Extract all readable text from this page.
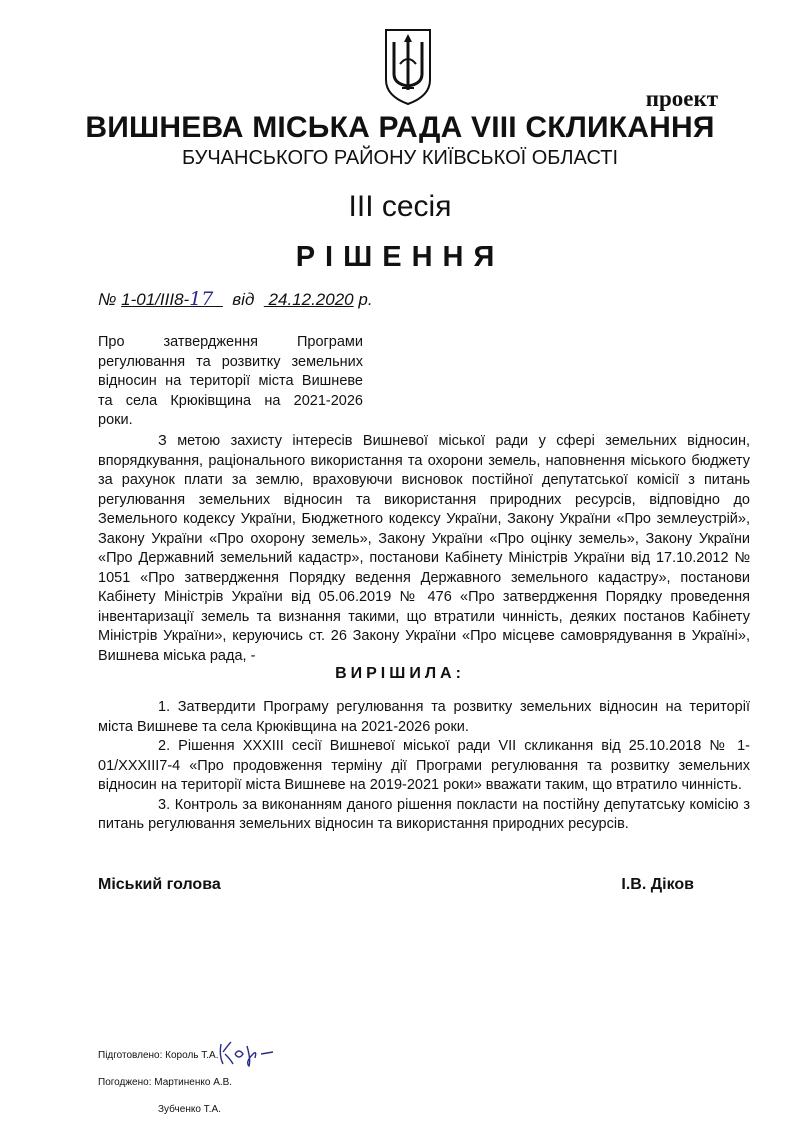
проект
ВИШНЕВА МІСЬКА РАДА VIII СКЛИКАННЯ
БУЧАНСЬКОГО РАЙОНУ КИЇВСЬКОЇ ОБЛАСТІ
ІІІ сесія
РІШЕННЯ
№ 1-01/ІІІ8-17 від 24.12.2020 р.
Про затвердження Програми регулювання та розвитку земельних відносин на території міста Вишневе та села Крюківщина на 2021-2026 роки.

З метою захисту інтересів Вишневої міської ради у сфері земельних відносин, впорядкування, раціонального використання та охорони земель, наповнення міського бюджету за рахунок плати за землю, враховуючи висновок постійної депутатської комісії з питань регулювання земельних відносин та використання природних ресурсів, відповідно до Земельного кодексу України, Бюджетного кодексу України, Закону України «Про землеустрій», Закону України «Про охорону земель», Закону України «Про оцінку земель», Закону України «Про Державний земельний кадастр», постанови Кабінету Міністрів України від 17.10.2012 № 1051 «Про затвердження Порядку ведення Державного земельного кадастру», постанови Кабінету Міністрів України від 05.06.2019 № 476 «Про затвердження Порядку проведення інвентаризації земель та визнання такими, що втратили чинність, деяких постанов Кабінету Міністрів України», керуючись ст. 26 Закону України «Про місцеве самоврядування в Україні», Вишнева міська рада, -

ВИРІШИЛА:

1. Затвердити Програму регулювання та розвитку земельних відносин на території міста Вишневе та села Крюківщина на 2021-2026 роки.

2. Рішення XXXIII сесії Вишневої міської ради VII скликання від 25.10.2018 № 1-01/XXXIII7-4 «Про продовження терміну дії Програми регулювання та розвитку земельних відносин на території міста Вишневе на 2019-2021 роки» вважати таким, що втратило чинність.

3. Контроль за виконанням даного рішення покласти на постійну депутатську комісію з питань регулювання земельних відносин та використання природних ресурсів.

Міський голова	І.В. Діков
Підготовлено: Король Т.А.
Погоджено: Мартиненко А.В.
Зубченко Т.А.
